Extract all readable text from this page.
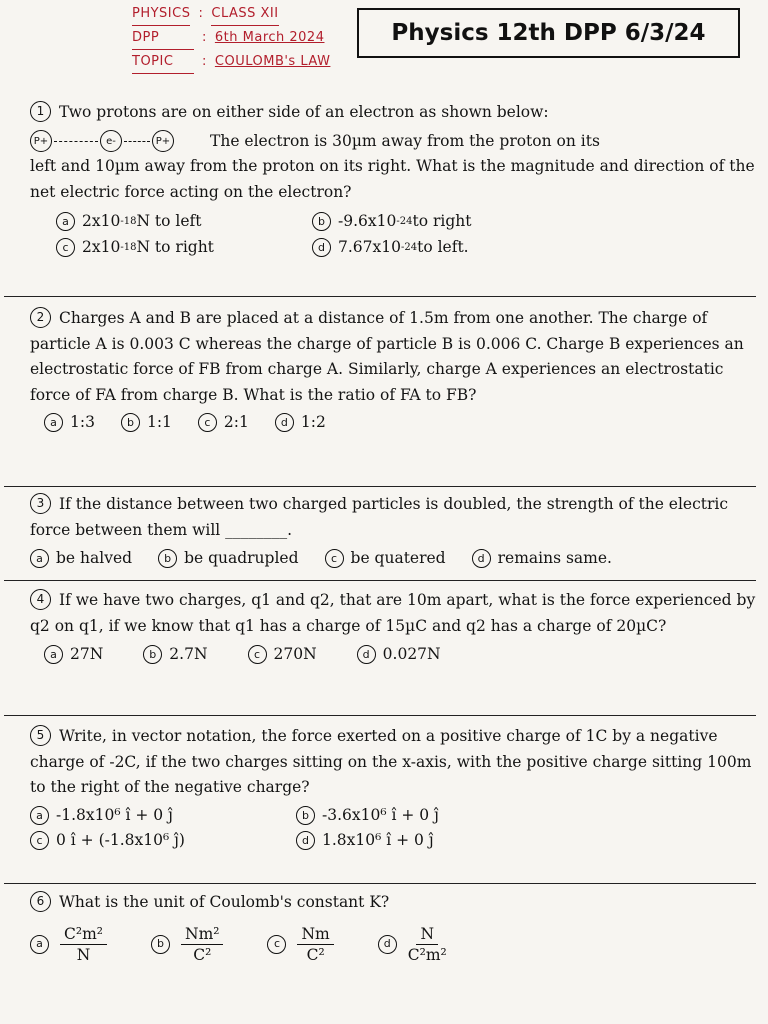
PHYSICS : CLASS XII
DPP	: 6th March 2024
TOPIC	: COULOMB's LAW
Physics 12th DPP 6/3/24
1 Two protons are on either side of an electron as shown below:
P+	e-	P+	The electron is 30µm away from the proton on its
left and 10µm away from the proton on its right. What is the magnitude and direction of the net electric force acting on the electron?
a 2x10 -18 N to left	b -9.6x10 -24 to right
c 2x10 -18 N to right	d 7.67x10 -24 to left.
2 Charges A and B are placed at a distance of 1.5m from one another. The charge of particle A is 0.003 C whereas the charge of particle B is 0.006 C. Charge B experiences an electrostatic force of FB from charge A. Similarly, charge A experiences an electrostatic force of FA from charge B. What is the ratio of FA to FB?
a 1:3	b 1:1	c 2:1	d 1:2
3 If the distance between two charged particles is doubled, the strength of the electric force between them will ________.
a be halved	b be quadrupled	c be quatered	d remains same.
4 If we have two charges, q1 and q2, that are 10m apart, what is the force experienced by q2 on q1, if we know that q1 has a charge of 15µC and q2 has a charge of 20µC?
a 27N	b 2.7N	c 270N	d 0.027N
5 Write, in vector notation, the force exerted on a positive charge of 1C by a negative charge of -2C, if the two charges sitting on the x-axis, with the positive charge sitting 100m to the right of the negative charge?
a -1.8x10⁶ î + 0 ĵ	b -3.6x10⁶ î + 0 ĵ
c 0 î + (-1.8x10⁶ ĵ)	d 1.8x10⁶ î + 0 ĵ
6 What is the unit of Coulomb's constant K?
a	$\frac{\text{C²m²}}{N}$	b	$\frac{\text{Nm²}}{\text{C²}}$	c	$\frac{Nm}{\text{C²}}$	d	$\frac{N}{\text{C²m²}}$
